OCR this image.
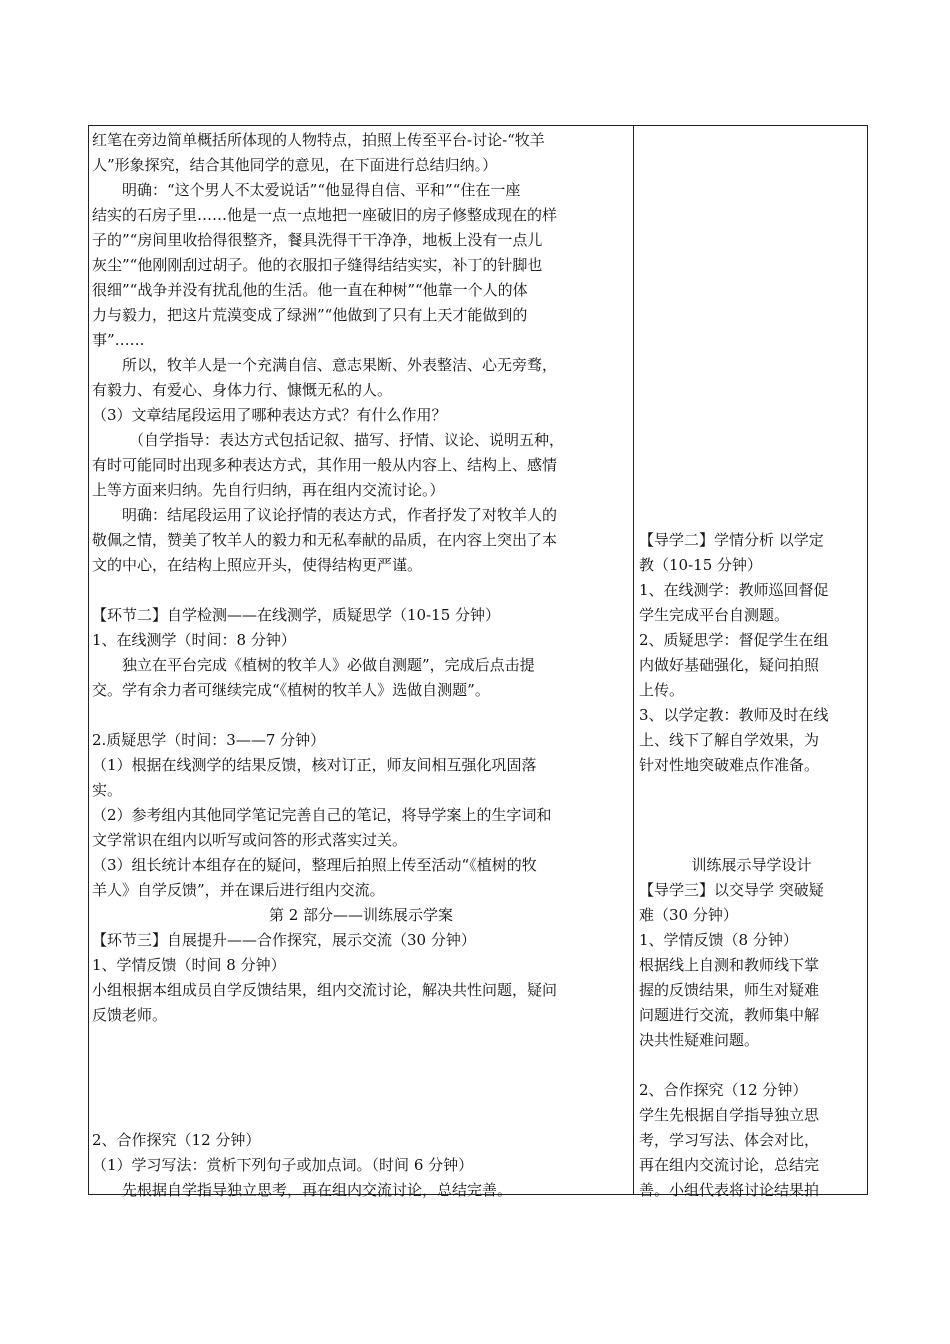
红笔在旁边简单概括所体现的人物特点，拍照上传至平台-讨论-“牧羊
人”形象探究，结合其他同学的意见，在下面进行总结归纳。）
明确：“这个男人不太爱说话”“他显得自信、平和”“住在一座
结实的石房子里……他是一点一点地把一座破旧的房子修整成现在的样
子的”“房间里收拾得很整齐，餐具洗得干干净净，地板上没有一点儿
灰尘”“他刚刚刮过胡子。他的衣服扣子缝得结结实实，补丁的针脚也
很细”“战争并没有扰乱他的生活。他一直在种树”“他靠一个人的体
力与毅力，把这片荒漠变成了绿洲”“他做到了只有上天才能做到的
事”……
所以，牧羊人是一个充满自信、意志果断、外表整洁、心无旁骛，
有毅力、有爱心、身体力行、慷慨无私的人。
（3）文章结尾段运用了哪种表达方式？有什么作用？
（自学指导：表达方式包括记叙、描写、抒情、议论、说明五种，
有时可能同时出现多种表达方式，其作用一般从内容上、结构上、感情
上等方面来归纳。先自行归纳，再在组内交流讨论。）
明确：结尾段运用了议论抒情的表达方式，作者抒发了对牧羊人的
敬佩之情，赞美了牧羊人的毅力和无私奉献的品质，在内容上突出了本
文的中心，在结构上照应开头，使得结构更严谨。
【环节二】自学检测——在线测学，质疑思学（10-15 分钟）
1、在线测学（时间：8 分钟）
独立在平台完成《植树的牧羊人》必做自测题”，完成后点击提
交。学有余力者可继续完成“《植树的牧羊人》选做自测题”。
2.质疑思学（时间：3——7 分钟）
（1）根据在线测学的结果反馈，核对订正，师友间相互强化巩固落
实。
（2）参考组内其他同学笔记完善自己的笔记，将导学案上的生字词和
文学常识在组内以听写或问答的形式落实过关。
（3）组长统计本组存在的疑问，整理后拍照上传至活动“《植树的牧
羊人》自学反馈”，并在课后进行组内交流。
第 2 部分——训练展示学案
【环节三】自展提升——合作探究，展示交流（30 分钟）
1、学情反馈（时间 8 分钟）
小组根据本组成员自学反馈结果，组内交流讨论，解决共性问题，疑问
反馈老师。
2、合作探究（12 分钟）
（1）学习写法：赏析下列句子或加点词。（时间 6 分钟）
先根据自学指导独立思考，再在组内交流讨论，总结完善。
【导学二】学情分析 以学定
教（10-15 分钟）
1、在线测学：教师巡回督促
学生完成平台自测题。
2、质疑思学：督促学生在组
内做好基础强化，疑问拍照
上传。
3、以学定教：教师及时在线
上、线下了解自学效果，为
针对性地突破难点作准备。
训练展示导学设计
【导学三】以交导学 突破疑
难（30 分钟）
1、学情反馈（8 分钟）
根据线上自测和教师线下掌
握的反馈结果，师生对疑难
问题进行交流，教师集中解
决共性疑难问题。
2、合作探究（12 分钟）
学生先根据自学指导独立思
考，学习写法、体会对比，
再在组内交流讨论，总结完
善。小组代表将讨论结果拍
